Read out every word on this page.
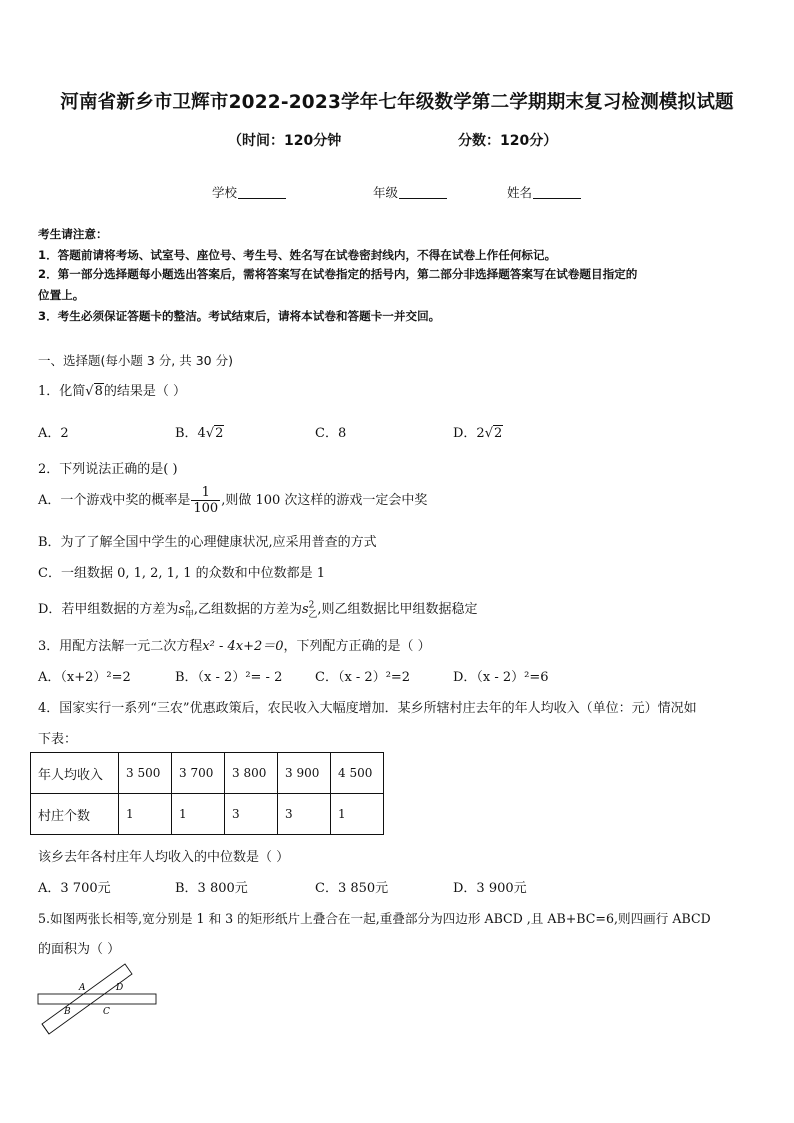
河南省新乡市卫辉市2022-2023学年七年级数学第二学期期末复习检测模拟试题
（时间：120分钟	分数：120分）
学校	年级	姓名
考生请注意：
1．答题前请将考场、试室号、座位号、考生号、姓名写在试卷密封线内，不得在试卷上作任何标记。
2．第一部分选择题每小题选出答案后，需将答案写在试卷指定的括号内，第二部分非选择题答案写在试卷题目指定的
位置上。
3．考生必须保证答题卡的整洁。考试结束后，请将本试卷和答题卡一并交回。
一、选择题(每小题 3 分, 共 30 分)
1．化简√8的结果是（ ）
A．2	B．4√2	C．8	D．2√2
2．下列说法正确的是( )
A．一个游戏中奖的概率是 $\frac{1}{100}$ ,则做 100 次这样的游戏一定会中奖
B．为了了解全国中学生的心理健康状况,应采用普查的方式
C．一组数据 0, 1, 2, 1, 1 的众数和中位数都是 1
D．若甲组数据的方差为$s^2_甲$,乙组数据的方差为$s^2_乙$,则乙组数据比甲组数据稳定
3．用配方法解一元二次方程x² - 4x+2＝0，下列配方正确的是（ ）
A．（x+2）²=2	B．（x - 2）²= - 2	C．（x - 2）²=2	D．（x - 2）²=6
4．国家实行一系列“三农”优惠政策后，农民收入大幅度增加．某乡所辖村庄去年的年人均收入（单位：元）情况如
下表：
年人均收入	3 500	3 700	3 800	3 900	4 500
村庄个数	1	1	3	3	1
该乡去年各村庄年人均收入的中位数是（ ）
A．3 700元	B．3 800元	C．3 850元	D．3 900元
5.如图两张长相等,宽分别是 1 和 3 的矩形纸片上叠合在一起,重叠部分为四边形 ABCD ,且 AB+BC=6,则四画行 ABCD
的面积为（ ）
A	D
B	C
